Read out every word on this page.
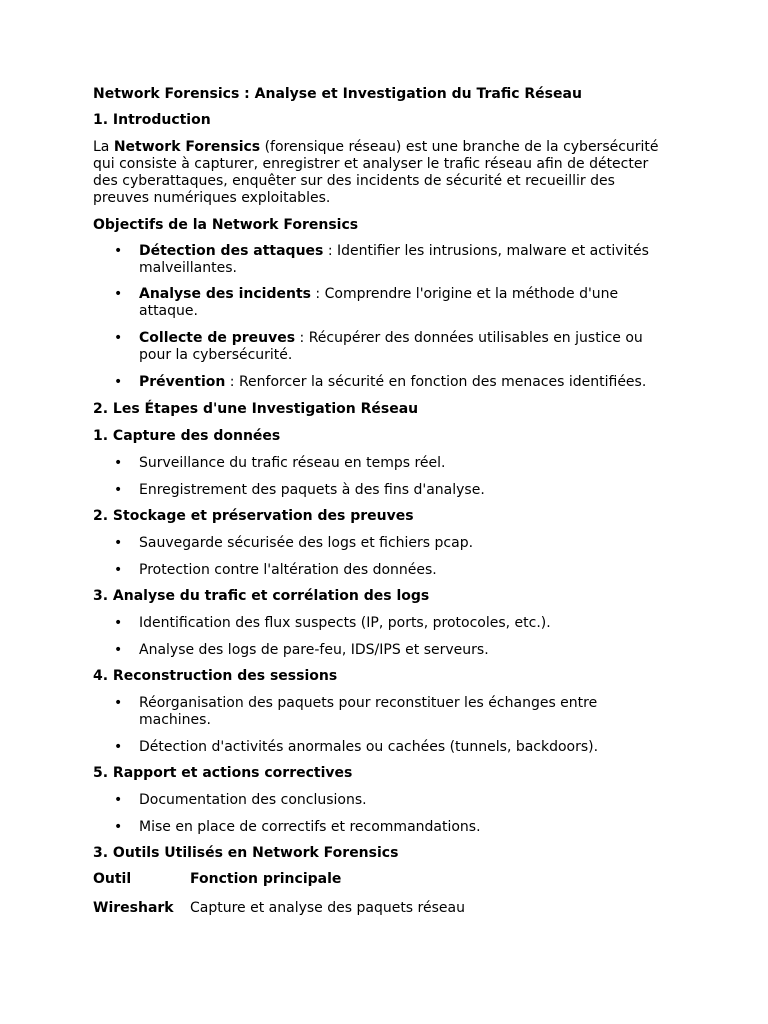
Network Forensics : Analyse et Investigation du Trafic Réseau

1. Introduction

La Network Forensics (forensique réseau) est une branche de la cybersécurité qui consiste à capturer, enregistrer et analyser le trafic réseau afin de détecter des cyberattaques, enquêter sur des incidents de sécurité et recueillir des preuves numériques exploitables.

Objectifs de la Network Forensics

• Détection des attaques : Identifier les intrusions, malware et activités malveillantes.
• Analyse des incidents : Comprendre l'origine et la méthode d'une attaque.
• Collecte de preuves : Récupérer des données utilisables en justice ou pour la cybersécurité.
• Prévention : Renforcer la sécurité en fonction des menaces identifiées.

2. Les Étapes d'une Investigation Réseau

1. Capture des données

• Surveillance du trafic réseau en temps réel.
• Enregistrement des paquets à des fins d'analyse.

2. Stockage et préservation des preuves

• Sauvegarde sécurisée des logs et fichiers pcap.
• Protection contre l'altération des données.

3. Analyse du trafic et corrélation des logs

• Identification des flux suspects (IP, ports, protocoles, etc.).
• Analyse des logs de pare-feu, IDS/IPS et serveurs.

4. Reconstruction des sessions

• Réorganisation des paquets pour reconstituer les échanges entre machines.
• Détection d'activités anormales ou cachées (tunnels, backdoors).

5. Rapport et actions correctives

• Documentation des conclusions.
• Mise en place de correctifs et recommandations.

3. Outils Utilisés en Network Forensics

Outil	Fonction principale
Wireshark	Capture et analyse des paquets réseau
